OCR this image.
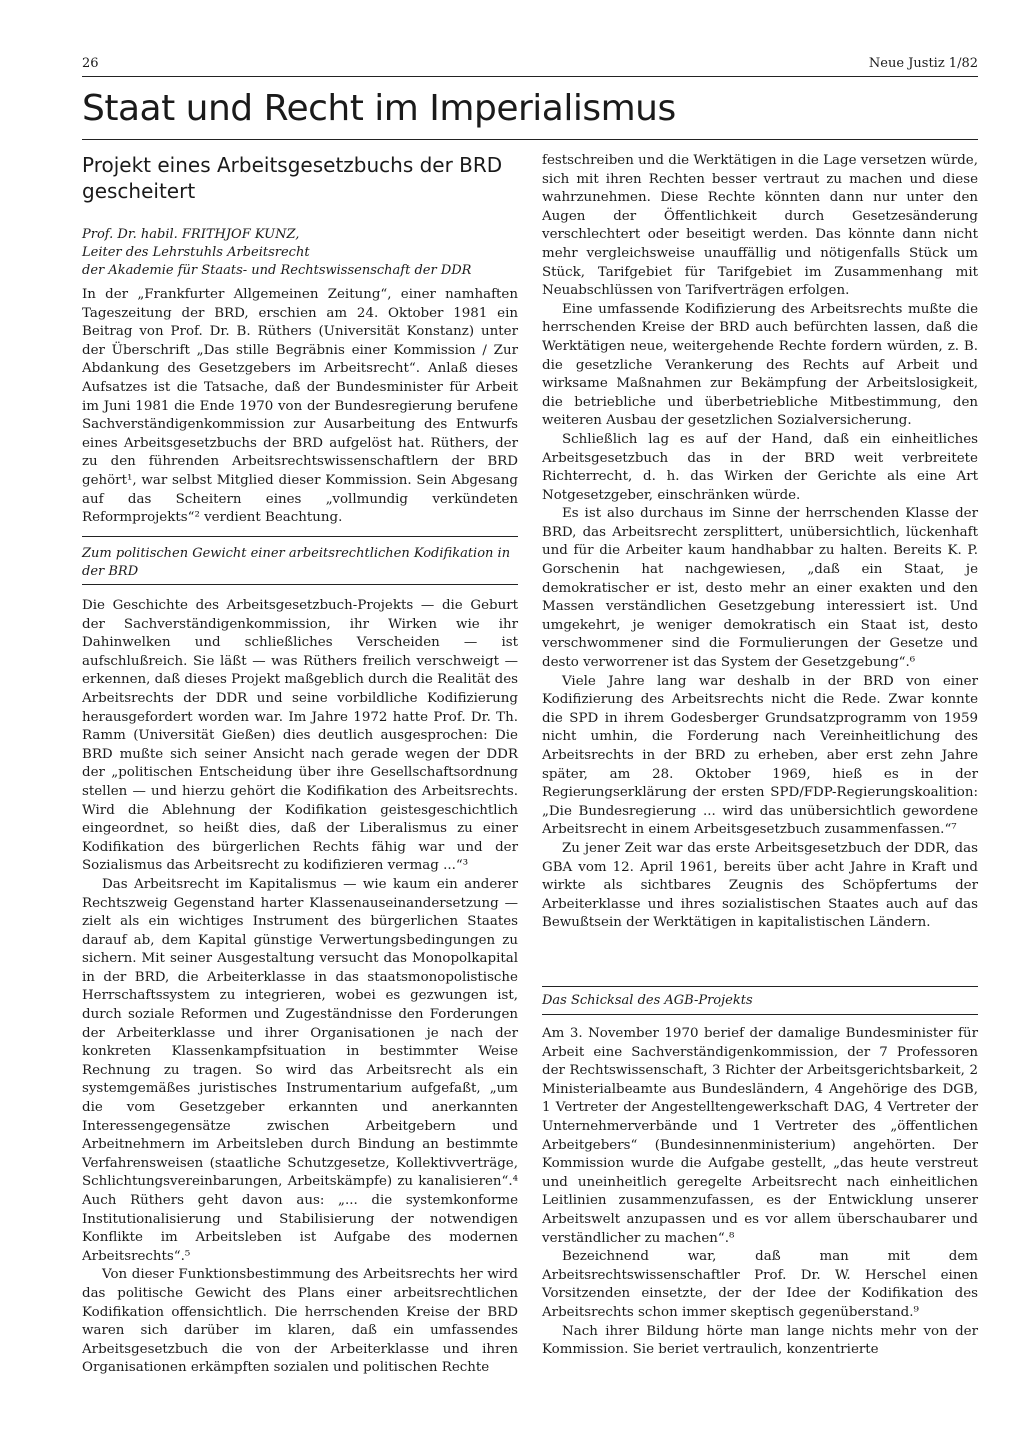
26	Neue Justiz 1/82
Staat und Recht im Imperialismus
Projekt eines Arbeitsgesetzbuchs der BRD gescheitert
Prof. Dr. habil. FRITHJOF KUNZ,
Leiter des Lehrstuhls Arbeitsrecht
der Akademie für Staats- und Rechtswissenschaft der DDR

In der „Frankfurter Allgemeinen Zeitung“, einer namhaften Tageszeitung der BRD, erschien am 24. Oktober 1981 ein Beitrag von Prof. Dr. B. Rüthers (Universität Konstanz) unter der Überschrift „Das stille Begräbnis einer Kommission / Zur Abdankung des Gesetzgebers im Arbeitsrecht“. Anlaß dieses Aufsatzes ist die Tatsache, daß der Bundesminister für Arbeit im Juni 1981 die Ende 1970 von der Bundesregierung berufene Sachverständigenkommission zur Ausarbeitung des Entwurfs eines Arbeitsgesetzbuchs der BRD aufgelöst hat. Rüthers, der zu den führenden Arbeitsrechtswissenschaftlern der BRD gehört¹, war selbst Mitglied dieser Kommission. Sein Abgesang auf das Scheitern eines „vollmundig verkündeten Reformprojekts“² verdient Beachtung.

Zum politischen Gewicht einer arbeitsrechtlichen Kodifikation in der BRD

Die Geschichte des Arbeitsgesetzbuch-Projekts — die Geburt der Sachverständigenkommission, ihr Wirken wie ihr Dahinwelken und schließliches Verscheiden — ist aufschlußreich. Sie läßt — was Rüthers freilich verschweigt — erkennen, daß dieses Projekt maßgeblich durch die Realität des Arbeitsrechts der DDR und seine vorbildliche Kodifizierung herausgefordert worden war. Im Jahre 1972 hatte Prof. Dr. Th. Ramm (Universität Gießen) dies deutlich ausgesprochen: Die BRD mußte sich seiner Ansicht nach gerade wegen der DDR der „politischen Entscheidung über ihre Gesellschaftsordnung stellen — und hierzu gehört die Kodifikation des Arbeitsrechts. Wird die Ablehnung der Kodifikation geistesgeschichtlich eingeordnet, so heißt dies, daß der Liberalismus zu einer Kodifikation des bürgerlichen Rechts fähig war und der Sozialismus das Arbeitsrecht zu kodifizieren vermag ...“³

Das Arbeitsrecht im Kapitalismus — wie kaum ein anderer Rechtszweig Gegenstand harter Klassenauseinandersetzung — zielt als ein wichtiges Instrument des bürgerlichen Staates darauf ab, dem Kapital günstige Verwertungsbedingungen zu sichern. Mit seiner Ausgestaltung versucht das Monopolkapital in der BRD, die Arbeiterklasse in das staatsmonopolistische Herrschaftssystem zu integrieren, wobei es gezwungen ist, durch soziale Reformen und Zugeständnisse den Forderungen der Arbeiterklasse und ihrer Organisationen je nach der konkreten Klassenkampfsituation in bestimmter Weise Rechnung zu tragen. So wird das Arbeitsrecht als ein systemgemäßes juristisches Instrumentarium aufgefaßt, „um die vom Gesetzgeber erkannten und anerkannten Interessengegensätze zwischen Arbeitgebern und Arbeitnehmern im Arbeitsleben durch Bindung an bestimmte Verfahrensweisen (staatliche Schutzgesetze, Kollektivverträge, Schlichtungsvereinbarungen, Arbeitskämpfe) zu kanalisieren“.⁴ Auch Rüthers geht davon aus: „... die systemkonforme Institutionalisierung und Stabilisierung der notwendigen Konflikte im Arbeitsleben ist Aufgabe des modernen Arbeitsrechts“.⁵

Von dieser Funktionsbestimmung des Arbeitsrechts her wird das politische Gewicht des Plans einer arbeitsrechtlichen Kodifikation offensichtlich. Die herrschenden Kreise der BRD waren sich darüber im klaren, daß ein umfassendes Arbeitsgesetzbuch die von der Arbeiterklasse und ihren Organisationen erkämpften sozialen und politischen Rechte

festschreiben und die Werktätigen in die Lage versetzen würde, sich mit ihren Rechten besser vertraut zu machen und diese wahrzunehmen. Diese Rechte könnten dann nur unter den Augen der Öffentlichkeit durch Gesetzesänderung verschlechtert oder beseitigt werden. Das könnte dann nicht mehr vergleichsweise unauffällig und nötigenfalls Stück um Stück, Tarifgebiet für Tarifgebiet im Zusammenhang mit Neuabschlüssen von Tarifverträgen erfolgen.

Eine umfassende Kodifizierung des Arbeitsrechts mußte die herrschenden Kreise der BRD auch befürchten lassen, daß die Werktätigen neue, weitergehende Rechte fordern würden, z. B. die gesetzliche Verankerung des Rechts auf Arbeit und wirksame Maßnahmen zur Bekämpfung der Arbeitslosigkeit, die betriebliche und überbetriebliche Mitbestimmung, den weiteren Ausbau der gesetzlichen Sozialversicherung.

Schließlich lag es auf der Hand, daß ein einheitliches Arbeitsgesetzbuch das in der BRD weit verbreitete Richterrecht, d. h. das Wirken der Gerichte als eine Art Notgesetzgeber, einschränken würde.

Es ist also durchaus im Sinne der herrschenden Klasse der BRD, das Arbeitsrecht zersplittert, unübersichtlich, lückenhaft und für die Arbeiter kaum handhabbar zu halten. Bereits K. P. Gorschenin hat nachgewiesen, „daß ein Staat, je demokratischer er ist, desto mehr an einer exakten und den Massen verständlichen Gesetzgebung interessiert ist. Und umgekehrt, je weniger demokratisch ein Staat ist, desto verschwommener sind die Formulierungen der Gesetze und desto verworrener ist das System der Gesetzgebung“.⁶

Viele Jahre lang war deshalb in der BRD von einer Kodifizierung des Arbeitsrechts nicht die Rede. Zwar konnte die SPD in ihrem Godesberger Grundsatzprogramm von 1959 nicht umhin, die Forderung nach Vereinheitlichung des Arbeitsrechts in der BRD zu erheben, aber erst zehn Jahre später, am 28. Oktober 1969, hieß es in der Regierungserklärung der ersten SPD/FDP-Regierungskoalition: „Die Bundesregierung ... wird das unübersichtlich gewordene Arbeitsrecht in einem Arbeitsgesetzbuch zusammenfassen.“⁷

Zu jener Zeit war das erste Arbeitsgesetzbuch der DDR, das GBA vom 12. April 1961, bereits über acht Jahre in Kraft und wirkte als sichtbares Zeugnis des Schöpfertums der Arbeiterklasse und ihres sozialistischen Staates auch auf das Bewußtsein der Werktätigen in kapitalistischen Ländern.

Das Schicksal des AGB-Projekts

Am 3. November 1970 berief der damalige Bundesminister für Arbeit eine Sachverständigenkommission, der 7 Professoren der Rechtswissenschaft, 3 Richter der Arbeitsgerichtsbarkeit, 2 Ministerialbeamte aus Bundesländern, 4 Angehörige des DGB, 1 Vertreter der Angestelltengewerkschaft DAG, 4 Vertreter der Unternehmerverbände und 1 Vertreter des „öffentlichen Arbeitgebers“ (Bundesinnenministerium) angehörten. Der Kommission wurde die Aufgabe gestellt, „das heute verstreut und uneinheitlich geregelte Arbeitsrecht nach einheitlichen Leitlinien zusammenzufassen, es der Entwicklung unserer Arbeitswelt anzupassen und es vor allem überschaubarer und verständlicher zu machen“.⁸

Bezeichnend war, daß man mit dem Arbeitsrechtswissenschaftler Prof. Dr. W. Herschel einen Vorsitzenden einsetzte, der der Idee der Kodifikation des Arbeitsrechts schon immer skeptisch gegenüberstand.⁹

Nach ihrer Bildung hörte man lange nichts mehr von der Kommission. Sie beriet vertraulich, konzentrierte
